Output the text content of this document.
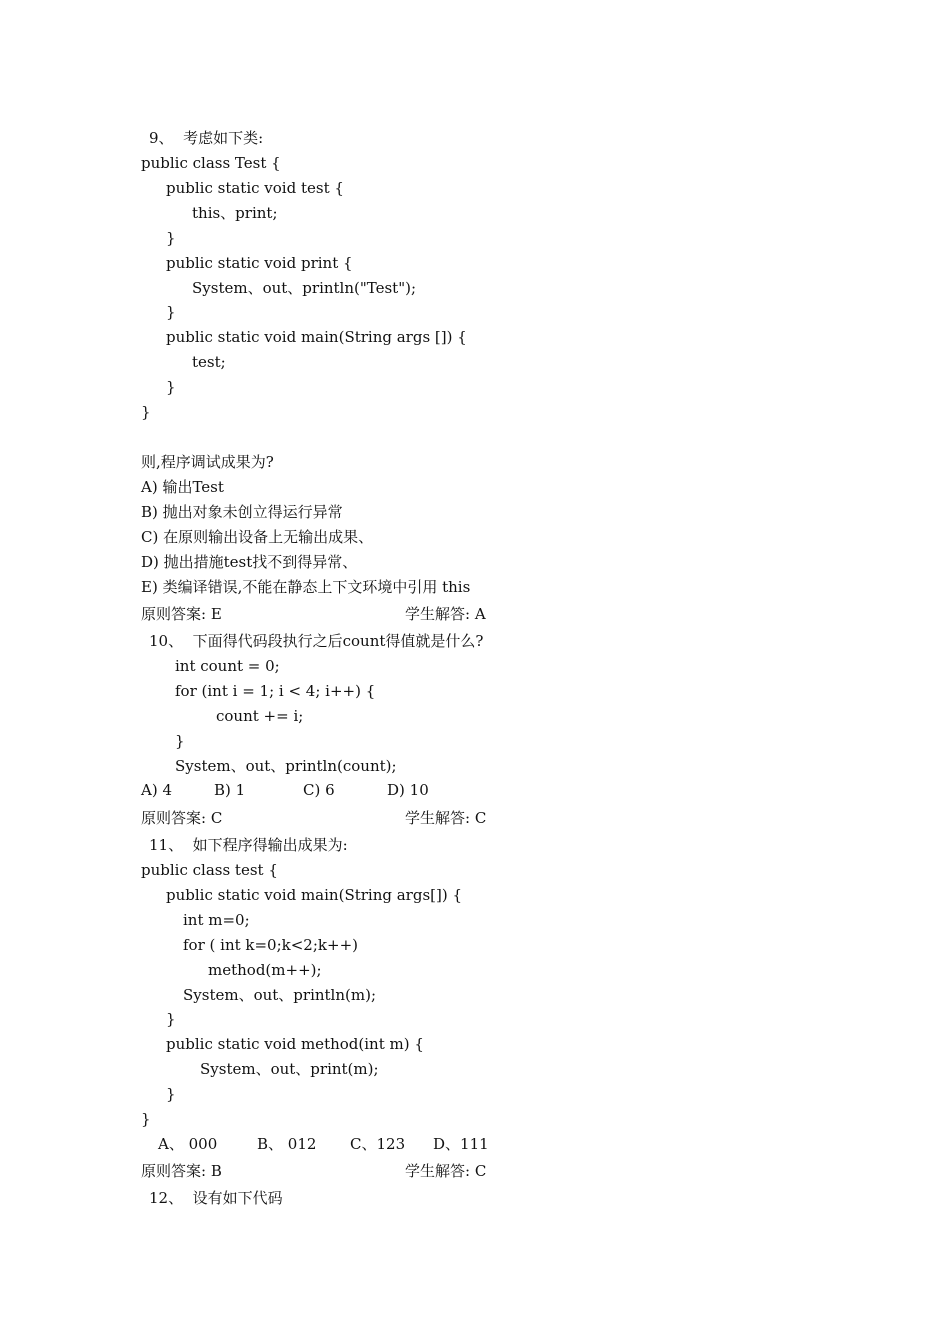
9、  考虑如下类:
public class Test {
public static void test {
this、print;
}
public static void print {
System、out、println("Test");
}
public static void main(String args []) {
test;
}
}
则,程序调试成果为?
A) 输出Test
B) 抛出对象未创立得运行异常
C) 在原则输出设备上无输出成果、
D) 抛出措施test找不到得异常、
E) 类编译错误,不能在静态上下文环境中引用 this
原则答案: E	学生解答: A
10、  下面得代码段执行之后count得值就是什么?
int count = 0;
for (int i = 1; i < 4; i++) {
count += i;
}
System、out、println(count);
A) 4	B) 1	C) 6	D) 10
原则答案: C	学生解答: C
11、  如下程序得输出成果为:
public class test {
public static void main(String args[]) {
int m=0;
for ( int k=0;k<2;k++)
method(m++);
System、out、println(m);
}
public static void method(int m) {
System、out、print(m);
}
}
A、 000	B、 012 C、123 D、111
原则答案: B	学生解答: C
12、  设有如下代码
